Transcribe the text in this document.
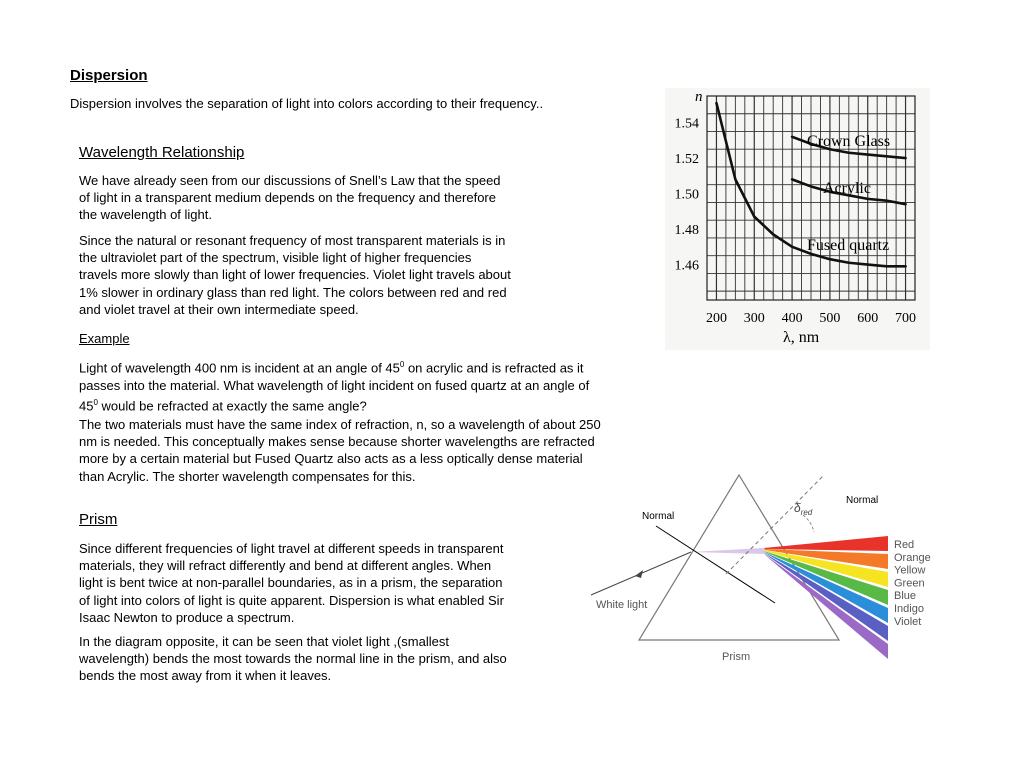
Dispersion
Dispersion involves the separation of light into colors according to their frequency..
Wavelength Relationship

We have already seen from our discussions of Snell’s Law that the speed

of light in a transparent medium depends on the frequency and therefore

the wavelength of light.

Since the natural or resonant frequency of most transparent materials is in

the ultraviolet part of the spectrum, visible light of higher frequencies

travels more slowly than light of lower frequencies. Violet light travels about

1% slower in ordinary glass than red light. The colors between red and red

and violet travel at their own intermediate speed.

Example

Light of wavelength 400 nm is incident at an angle of $45^0$ on acrylic and is refracted as it

passes into the material. What wavelength of light incident on fused quartz at an angle of

$45^0$ would be refracted at exactly the same angle?

The two materials must have the same index of refraction, n, so a wavelength of about 250

nm is needed. This conceptually makes sense because shorter wavelengths are refracted

more by a certain material but Fused Quartz also acts as a less optically dense material

than Acrylic. The shorter wavelength compensates for this.

Prism

Since different frequencies of light travel at different speeds in transparent

materials, they will refract differently and bend at different angles. When

light is bent twice at non-parallel boundaries, as in a prism, the separation

of light into colors of light is quite apparent. Dispersion is what enabled Sir

Isaac Newton to produce a spectrum.

In the diagram opposite, it can be seen that violet light ,(smallest

wavelength) bends the most towards the normal line in the prism, and also

bends the most away from it when it leaves.

1.54
1.52
1.50
1.48
1.46
200 300 400 500 600 700
n
λ, nm
Crown Glass
Acrylic
Fused quartz
Normal
Normal
$\delta_{red}$
White light
Prism
Red
Orange
Yellow
Green
Blue
Indigo
Violet
